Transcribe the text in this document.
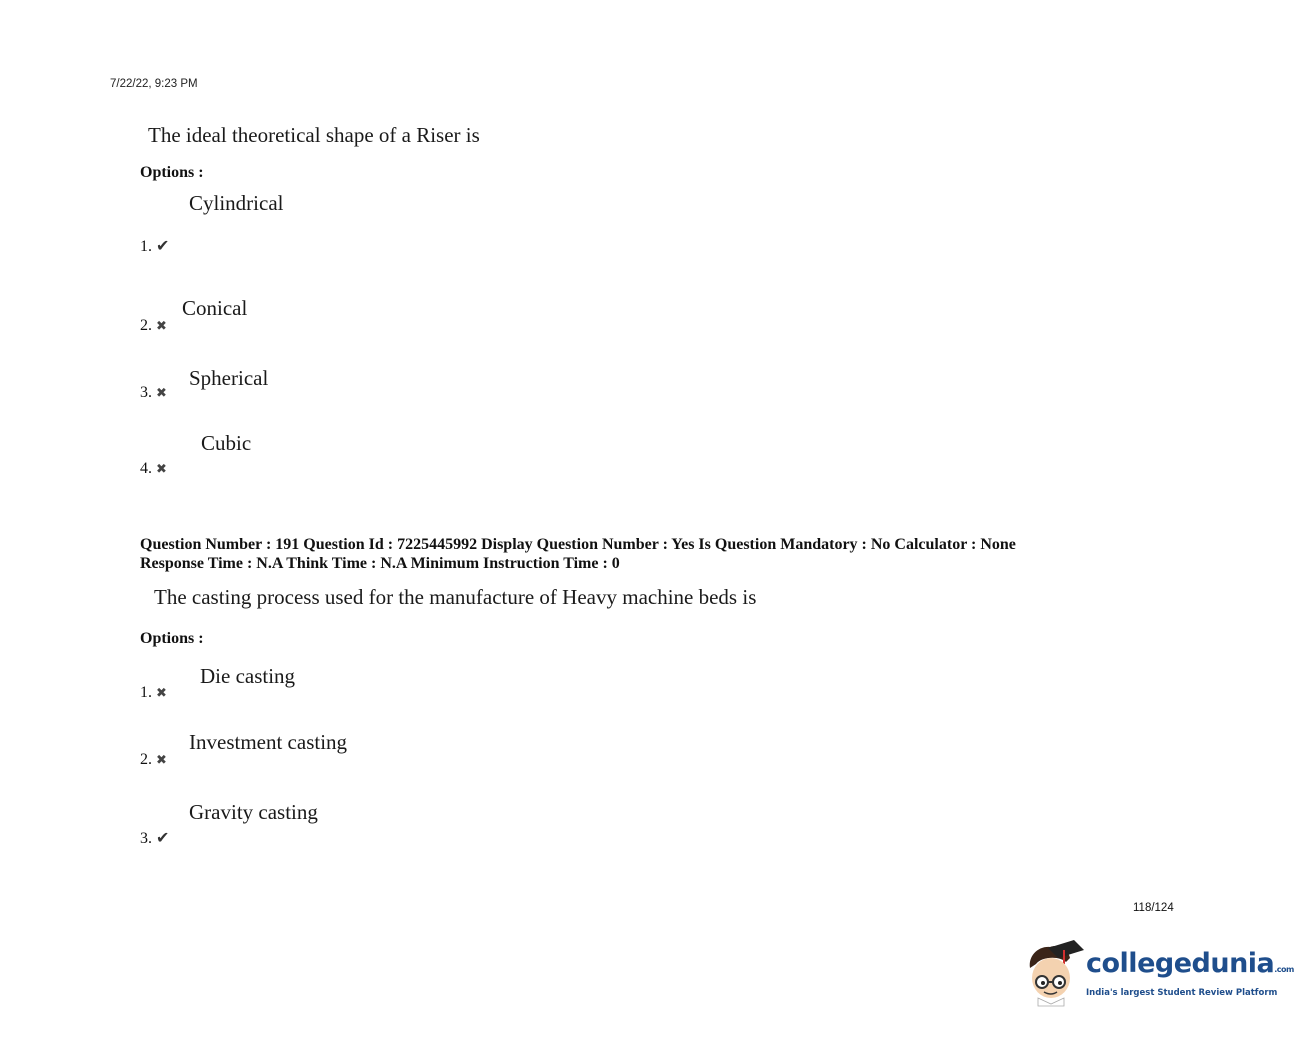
7/22/22, 9:23 PM
The ideal theoretical shape of a Riser is
Options :
Cylindrical
1. ✔
Conical
2. ✖
Spherical
3. ✖
Cubic
4. ✖
Question Number : 191 Question Id : 7225445992 Display Question Number : Yes Is Question Mandatory : No Calculator : None
Response Time : N.A Think Time : N.A Minimum Instruction Time : 0
The casting process used for the manufacture of Heavy machine beds is
Options :
Die casting
1. ✖
Investment casting
2. ✖
Gravity casting
3. ✔
118/124
collegedunia.com
India's largest Student Review Platform
